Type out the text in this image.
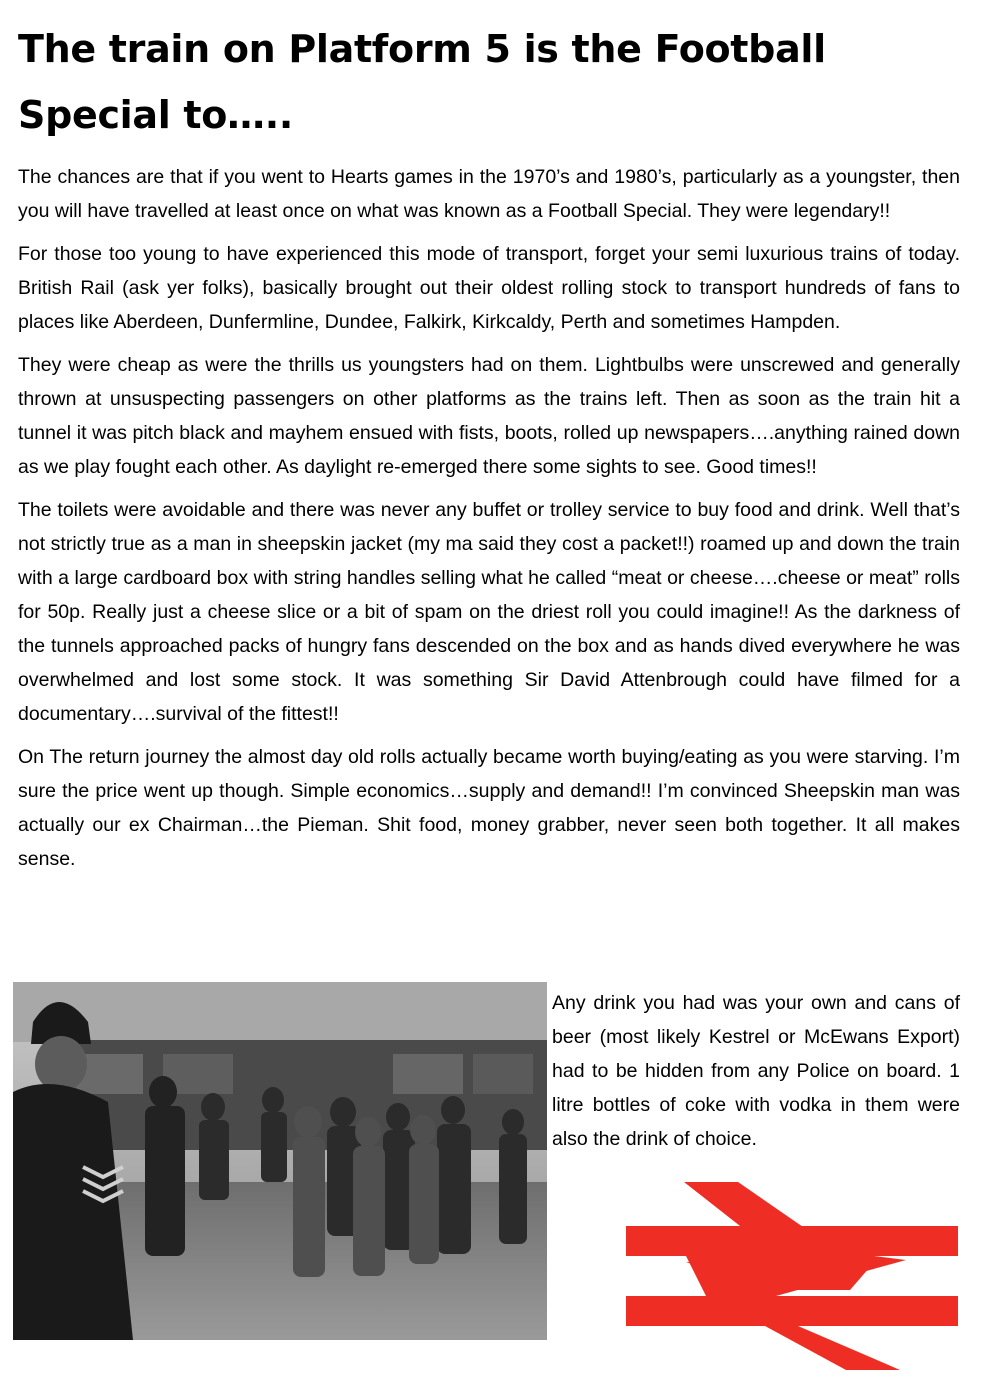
The train on Platform 5 is the Football Special to…..

The chances are that if you went to Hearts games in the 1970’s and 1980’s, particularly as a youngster, then you will have travelled at least once on what was known as a Football Special. They were legendary!!

For those too young to have experienced this mode of transport, forget your semi luxurious trains of today. British Rail (ask yer folks), basically brought out their oldest rolling stock to transport hundreds of fans to places like Aberdeen, Dunfermline, Dundee, Falkirk, Kirkcaldy, Perth and sometimes Hampden.

They were cheap as were the thrills us youngsters had on them. Lightbulbs were unscrewed and generally thrown at unsuspecting passengers on other platforms as the trains left. Then as soon as the train hit a tunnel it was pitch black and mayhem ensued with fists, boots, rolled up newspapers….anything rained down as we play fought each other. As daylight re-emerged there some sights to see. Good times!!

The toilets were avoidable and there was never any buffet or trolley service to buy food and drink. Well that’s not strictly true as a man in sheepskin jacket (my ma said they cost a packet!!) roamed up and down the train with a large cardboard box with string handles selling what he called “meat or cheese….cheese or meat” rolls for 50p. Really just a cheese slice or a bit of spam on the driest roll you could imagine!! As the darkness of the tunnels approached packs of hungry fans descended on the box and as hands dived everywhere he was overwhelmed and lost some stock. It was something Sir David Attenbrough could have filmed for a documentary….survival of the fittest!!

On The return journey the almost day old rolls actually became worth buying/eating as you were starving. I’m sure the price went up though. Simple economics…supply and demand!! I’m convinced Sheepskin man was actually our ex Chairman…the Pieman. Shit food, money grabber, never seen both together. It all makes sense.

Any drink you had was your own and cans of beer (most likely Kestrel or McEwans Export) had to be hidden from any Police on board. 1 litre bottles of coke with vodka in them were also the drink of choice.
